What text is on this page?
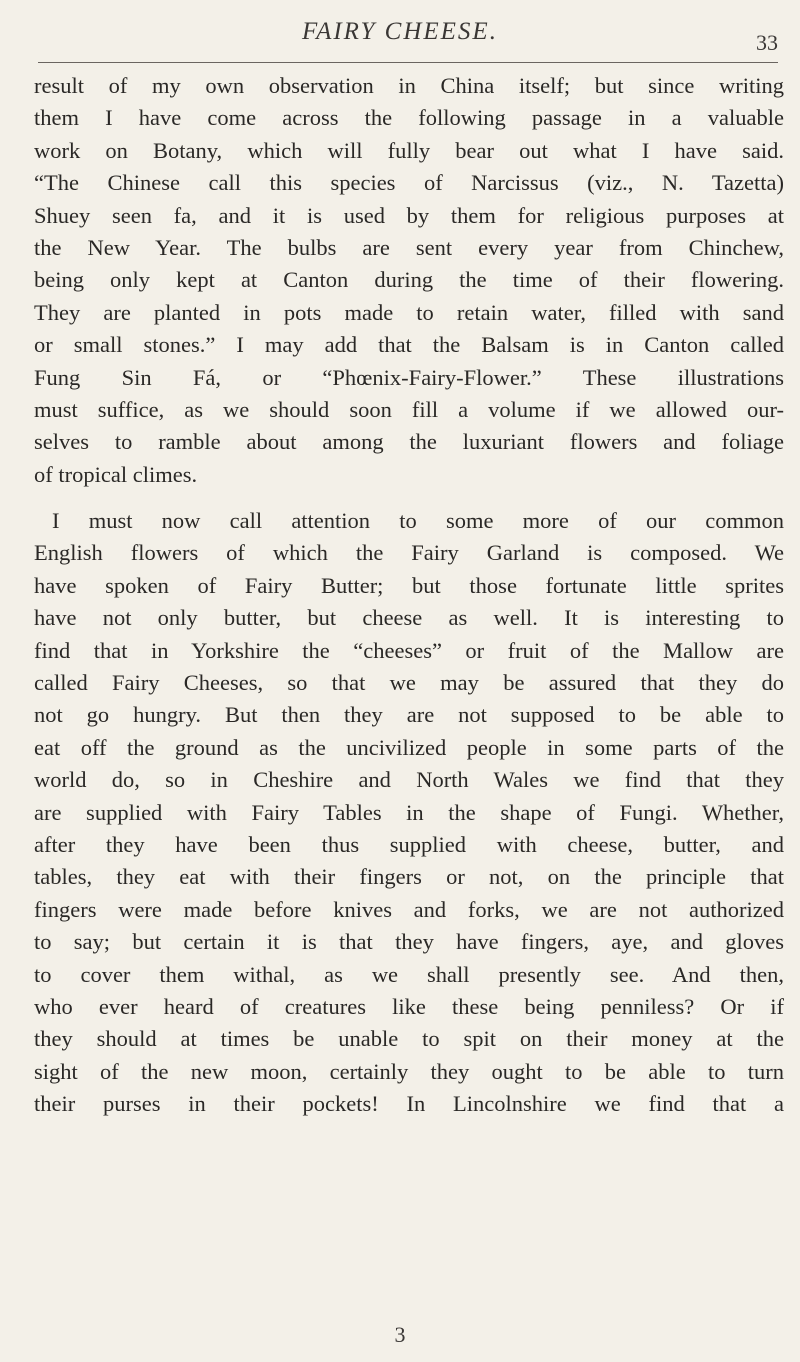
FAIRY CHEESE.	33
result of my own observation in China itself; but since writing
them I have come across the following passage in a valuable
work on Botany, which will fully bear out what I have said.
“The Chinese call this species of Narcissus (viz., N. Tazetta)
Shuey seen fa, and it is used by them for religious purposes at
the New Year. The bulbs are sent every year from Chinchew,
being only kept at Canton during the time of their flowering.
They are planted in pots made to retain water, filled with sand
or small stones.” I may add that the Balsam is in Canton called
Fung Sin Fá, or “Phœnix-Fairy-Flower.” These illustrations
must suffice, as we should soon fill a volume if we allowed our-
selves to ramble about among the luxuriant flowers and foliage
of tropical climes.
I must now call attention to some more of our common
English flowers of which the Fairy Garland is composed. We
have spoken of Fairy Butter; but those fortunate little sprites
have not only butter, but cheese as well. It is interesting to
find that in Yorkshire the “cheeses” or fruit of the Mallow are
called Fairy Cheeses, so that we may be assured that they do
not go hungry. But then they are not supposed to be able to
eat off the ground as the uncivilized people in some parts of the
world do, so in Cheshire and North Wales we find that they
are supplied with Fairy Tables in the shape of Fungi. Whether,
after they have been thus supplied with cheese, butter, and
tables, they eat with their fingers or not, on the principle that
fingers were made before knives and forks, we are not authorized
to say; but certain it is that they have fingers, aye, and gloves
to cover them withal, as we shall presently see. And then,
who ever heard of creatures like these being penniless? Or if
they should at times be unable to spit on their money at the
sight of the new moon, certainly they ought to be able to turn
their purses in their pockets! In Lincolnshire we find that a
3
